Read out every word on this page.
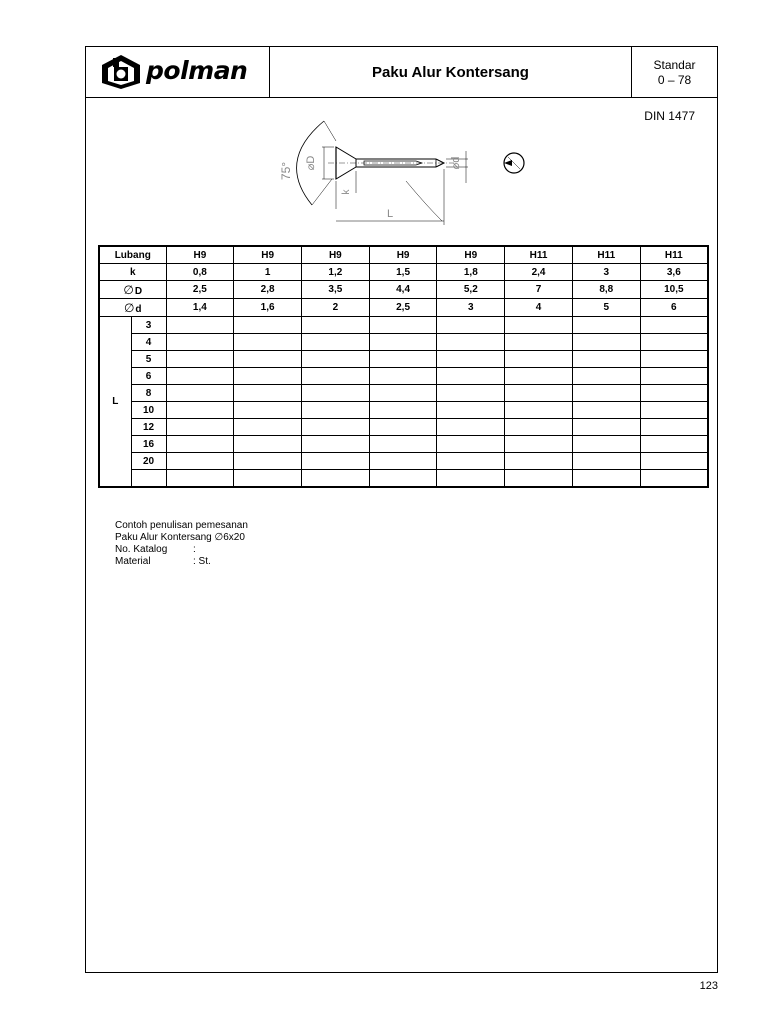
polman	Paku Alur Kontersang	Standar
0 – 78
DIN 1477
75° ⌀D	⌀d
k
L
Lubang		H9	H9	H9	H9	H9	H11	H11	H11
k		0,8	1	1,2	1,5	1,8	2,4	3	3,6
∅D		2,5	2,8	3,5	4,4	5,2	7	8,8	10,5
∅d		1,4	1,6	2	2,5	3	4	5	6
L	3								
	4								
	5								
	6								
	8								
	10								
	12								
	16								
	20								

Contoh penulisan pemesanan
Paku Alur Kontersang ∅6x20
No. Katalog	:
Material	: St.
123
